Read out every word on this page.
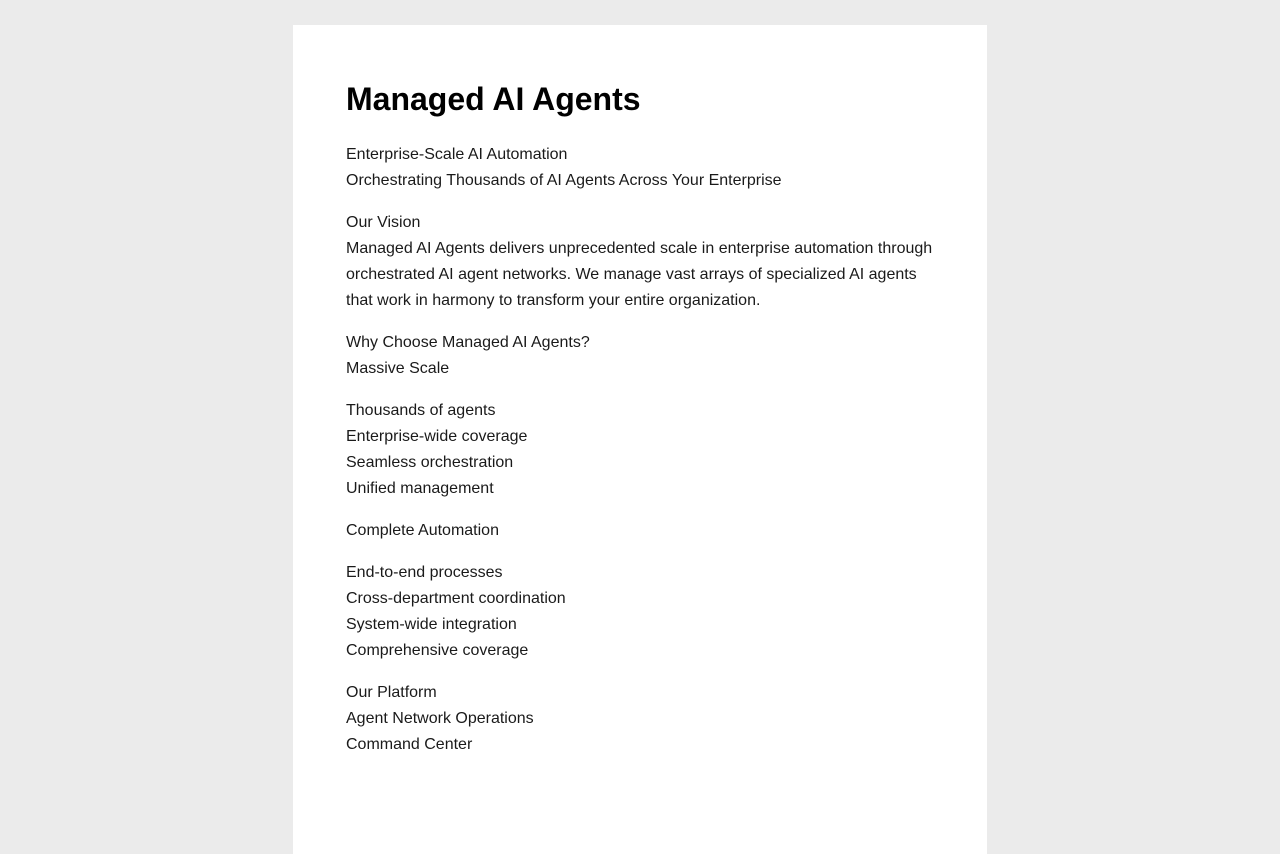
Managed AI Agents

Enterprise-Scale AI Automation
Orchestrating Thousands of AI Agents Across Your Enterprise

Our Vision
Managed AI Agents delivers unprecedented scale in enterprise automation through orchestrated AI agent networks. We manage vast arrays of specialized AI agents that work in harmony to transform your entire organization.

Why Choose Managed AI Agents?
Massive Scale

Thousands of agents
Enterprise-wide coverage
Seamless orchestration
Unified management

Complete Automation

End-to-end processes
Cross-department coordination
System-wide integration
Comprehensive coverage

Our Platform
Agent Network Operations
Command Center
